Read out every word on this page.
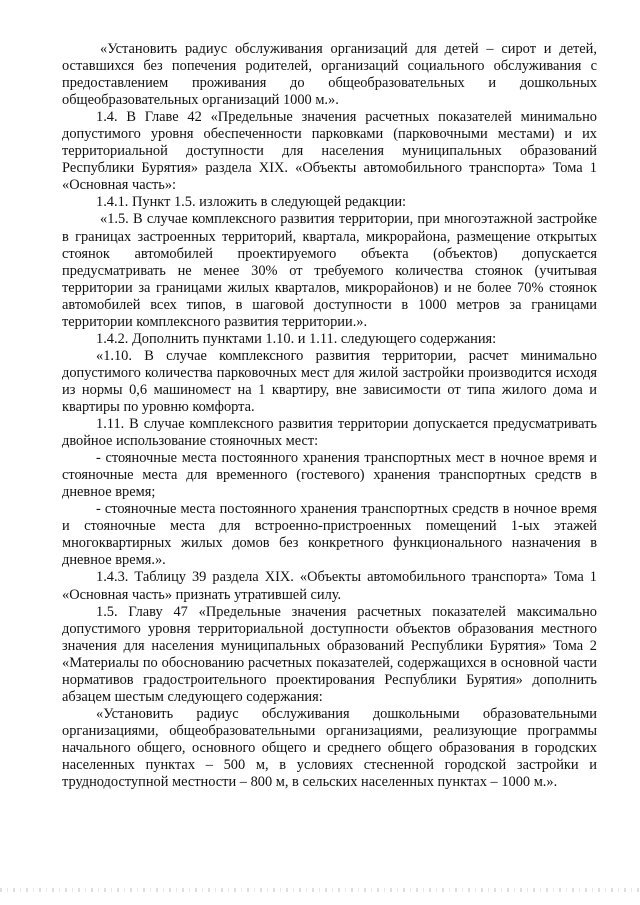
«Установить радиус обслуживания организаций для детей – сирот и детей, оставшихся без попечения родителей, организаций социального обслуживания с предоставлением проживания до общеобразовательных и дошкольных общеобразовательных организаций 1000 м.».

1.4. В Главе 42 «Предельные значения расчетных показателей минимально допустимого уровня обеспеченности парковками (парковочными местами) и их территориальной доступности для населения муниципальных образований Республики Бурятия» раздела XIX. «Объекты автомобильного транспорта» Тома 1 «Основная часть»:

1.4.1. Пункт 1.5. изложить в следующей редакции:

«1.5. В случае комплексного развития территории, при многоэтажной застройке в границах застроенных территорий, квартала, микрорайона, размещение открытых стоянок автомобилей проектируемого объекта (объектов) допускается предусматривать не менее 30% от требуемого количества стоянок (учитывая территории за границами жилых кварталов, микрорайонов) и не более 70% стоянок автомобилей всех типов, в шаговой доступности в 1000 метров за границами территории комплексного развития территории.».

1.4.2. Дополнить пунктами 1.10. и 1.11. следующего содержания:

«1.10. В случае комплексного развития территории, расчет минимально допустимого количества парковочных мест для жилой застройки производится исходя из нормы 0,6 машиномест на 1 квартиру, вне зависимости от типа жилого дома и квартиры по уровню комфорта.

1.11. В случае комплексного развития территории допускается предусматривать двойное использование стояночных мест:

- стояночные места постоянного хранения транспортных мест в ночное время и стояночные места для временного (гостевого) хранения транспортных средств в дневное время;

- стояночные места постоянного хранения транспортных средств в ночное время и стояночные места для встроенно-пристроенных помещений 1-ых этажей многоквартирных жилых домов без конкретного функционального назначения в дневное время.».

1.4.3. Таблицу 39 раздела XIX. «Объекты автомобильного транспорта» Тома 1 «Основная часть» признать утратившей силу.

1.5. Главу 47 «Предельные значения расчетных показателей максимально допустимого уровня территориальной доступности объектов образования местного значения для населения муниципальных образований Республики Бурятия» Тома 2 «Материалы по обоснованию расчетных показателей, содержащихся в основной части нормативов градостроительного проектирования Республики Бурятия» дополнить абзацем шестым следующего содержания:

«Установить радиус обслуживания дошкольными образовательными организациями, общеобразовательными организациями, реализующие программы начального общего, основного общего и среднего общего образования в городских населенных пунктах – 500 м, в условиях стесненной городской застройки и труднодоступной местности – 800 м, в сельских населенных пунктах – 1000 м.».
